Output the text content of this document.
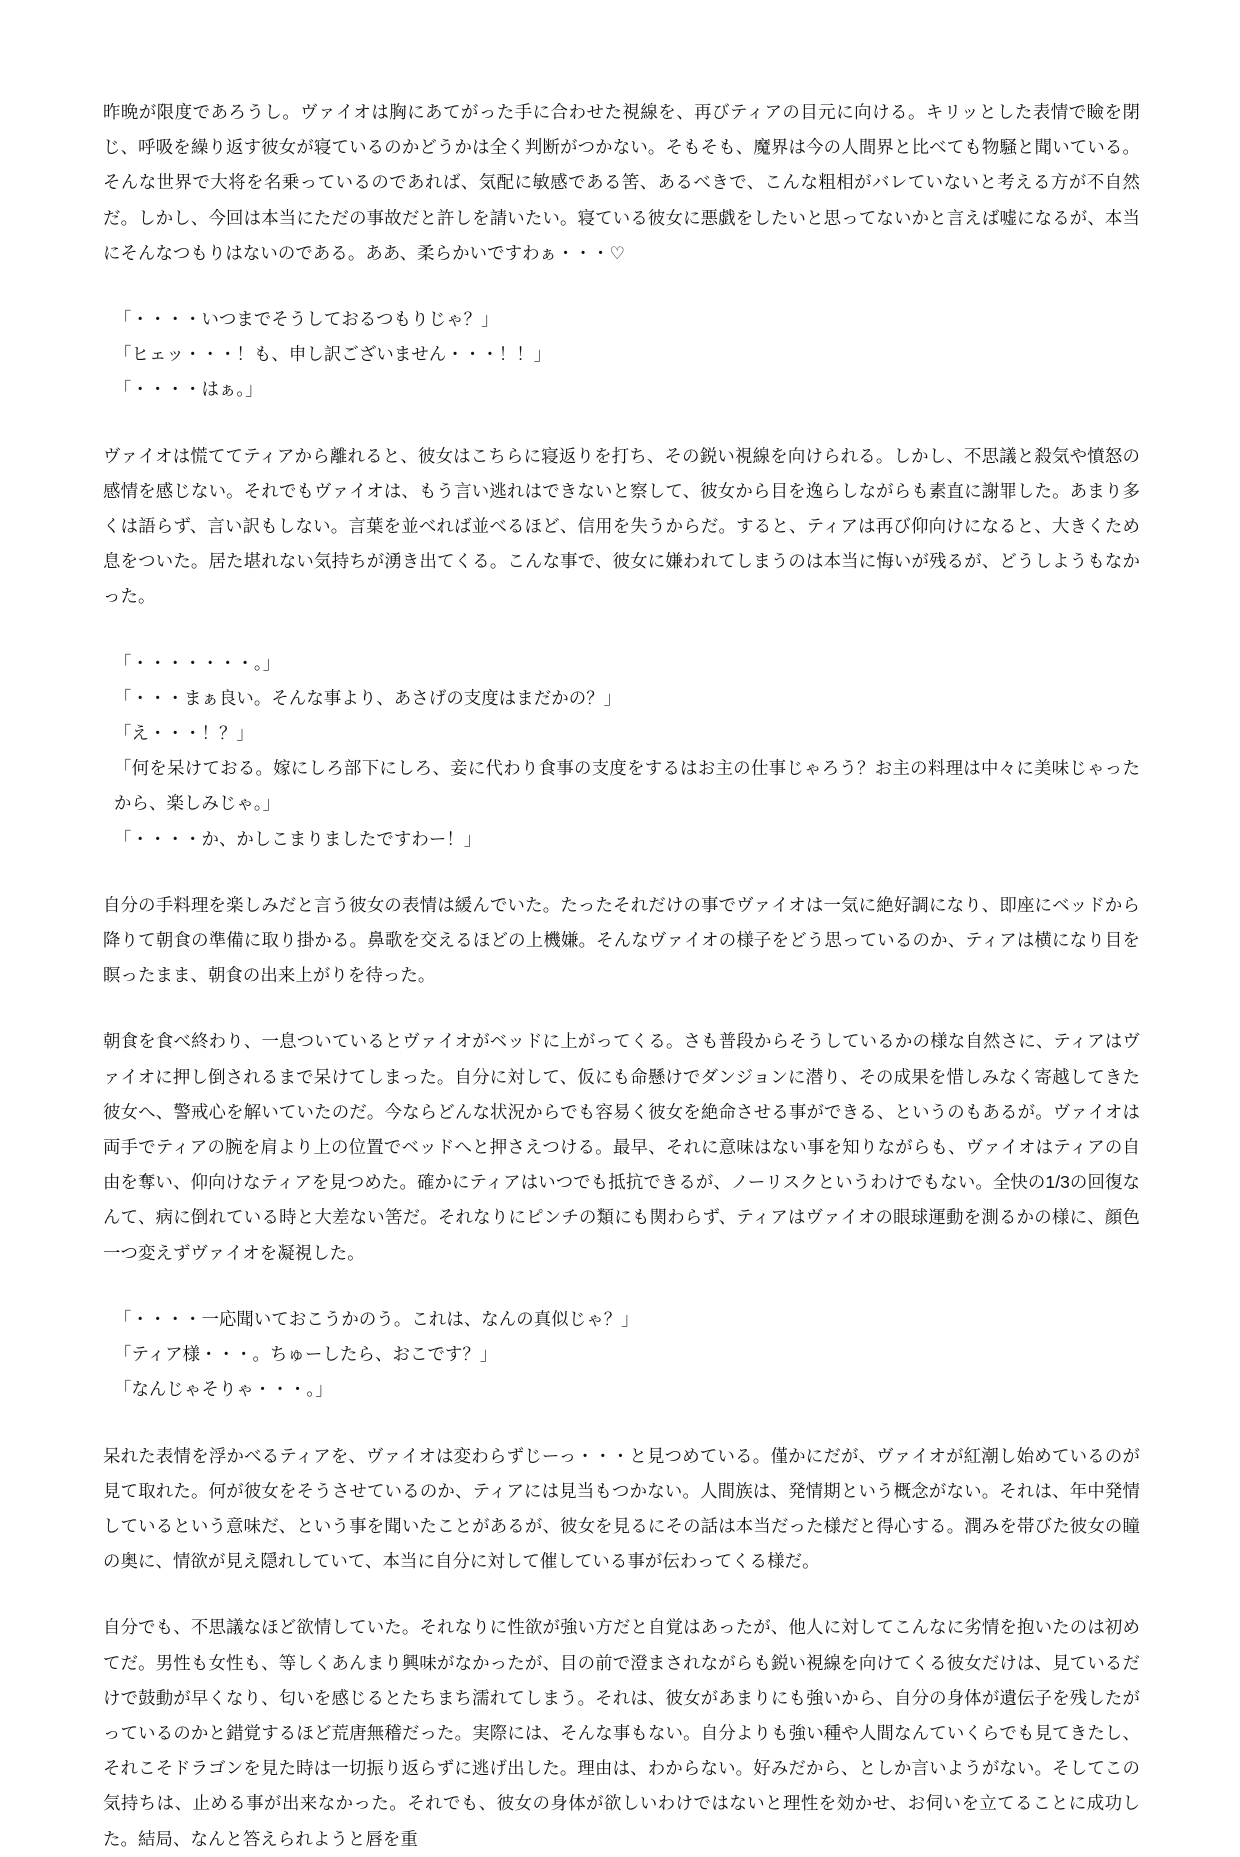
昨晩が限度であろうし。ヴァイオは胸にあてがった手に合わせた視線を、再びティアの目元に向ける。キリッとした表情で瞼を閉じ、呼吸を繰り返す彼女が寝ているのかどうかは全く判断がつかない。そもそも、魔界は今の人間界と比べても物騒と聞いている。そんな世界で大将を名乗っているのであれば、気配に敏感である筈、あるべきで、こんな粗相がバレていないと考える方が不自然だ。しかし、今回は本当にただの事故だと許しを請いたい。寝ている彼女に悪戯をしたいと思ってないかと言えば嘘になるが、本当にそんなつもりはないのである。ああ、柔らかいですわぁ・・・♡

「・・・・いつまでそうしておるつもりじゃ？」
「ヒェッ・・・！も、申し訳ございません・・・！！」
「・・・・はぁ。」

ヴァイオは慌ててティアから離れると、彼女はこちらに寝返りを打ち、その鋭い視線を向けられる。しかし、不思議と殺気や憤怒の感情を感じない。それでもヴァイオは、もう言い逃れはできないと察して、彼女から目を逸らしながらも素直に謝罪した。あまり多くは語らず、言い訳もしない。言葉を並べれば並べるほど、信用を失うからだ。すると、ティアは再び仰向けになると、大きくため息をついた。居た堪れない気持ちが湧き出てくる。こんな事で、彼女に嫌われてしまうのは本当に悔いが残るが、どうしようもなかった。

「・・・・・・・。」
「・・・まぁ良い。そんな事より、あさげの支度はまだかの？」
「え・・・！？」
「何を呆けておる。嫁にしろ部下にしろ、妾に代わり食事の支度をするはお主の仕事じゃろう？お主の料理は中々に美味じゃったから、楽しみじゃ。」
「・・・・か、かしこまりましたですわー！」

自分の手料理を楽しみだと言う彼女の表情は緩んでいた。たったそれだけの事でヴァイオは一気に絶好調になり、即座にベッドから降りて朝食の準備に取り掛かる。鼻歌を交えるほどの上機嫌。そんなヴァイオの様子をどう思っているのか、ティアは横になり目を瞑ったまま、朝食の出来上がりを待った。

朝食を食べ終わり、一息ついているとヴァイオがベッドに上がってくる。さも普段からそうしているかの様な自然さに、ティアはヴァイオに押し倒されるまで呆けてしまった。自分に対して、仮にも命懸けでダンジョンに潜り、その成果を惜しみなく寄越してきた彼女へ、警戒心を解いていたのだ。今ならどんな状況からでも容易く彼女を絶命させる事ができる、というのもあるが。ヴァイオは両手でティアの腕を肩より上の位置でベッドへと押さえつける。最早、それに意味はない事を知りながらも、ヴァイオはティアの自由を奪い、仰向けなティアを見つめた。確かにティアはいつでも抵抗できるが、ノーリスクというわけでもない。全快の1/3の回復なんて、病に倒れている時と大差ない筈だ。それなりにピンチの類にも関わらず、ティアはヴァイオの眼球運動を測るかの様に、顔色一つ変えずヴァイオを凝視した。

「・・・・一応聞いておこうかのう。これは、なんの真似じゃ？」
「ティア様・・・。ちゅーしたら、おこです？」
「なんじゃそりゃ・・・。」

呆れた表情を浮かべるティアを、ヴァイオは変わらずじーっ・・・と見つめている。僅かにだが、ヴァイオが紅潮し始めているのが見て取れた。何が彼女をそうさせているのか、ティアには見当もつかない。人間族は、発情期という概念がない。それは、年中発情しているという意味だ、という事を聞いたことがあるが、彼女を見るにその話は本当だった様だと得心する。潤みを帯びた彼女の瞳の奥に、情欲が見え隠れしていて、本当に自分に対して催している事が伝わってくる様だ。

自分でも、不思議なほど欲情していた。それなりに性欲が強い方だと自覚はあったが、他人に対してこんなに劣情を抱いたのは初めてだ。男性も女性も、等しくあんまり興味がなかったが、目の前で澄まされながらも鋭い視線を向けてくる彼女だけは、見ているだけで鼓動が早くなり、匂いを感じるとたちまち濡れてしまう。それは、彼女があまりにも強いから、自分の身体が遺伝子を残したがっているのかと錯覚するほど荒唐無稽だった。実際には、そんな事もない。自分よりも強い種や人間なんていくらでも見てきたし、それこそドラゴンを見た時は一切振り返らずに逃げ出した。理由は、わからない。好みだから、としか言いようがない。そしてこの気持ちは、止める事が出来なかった。それでも、彼女の身体が欲しいわけではないと理性を効かせ、お伺いを立てることに成功した。結局、なんと答えられようと唇を重
